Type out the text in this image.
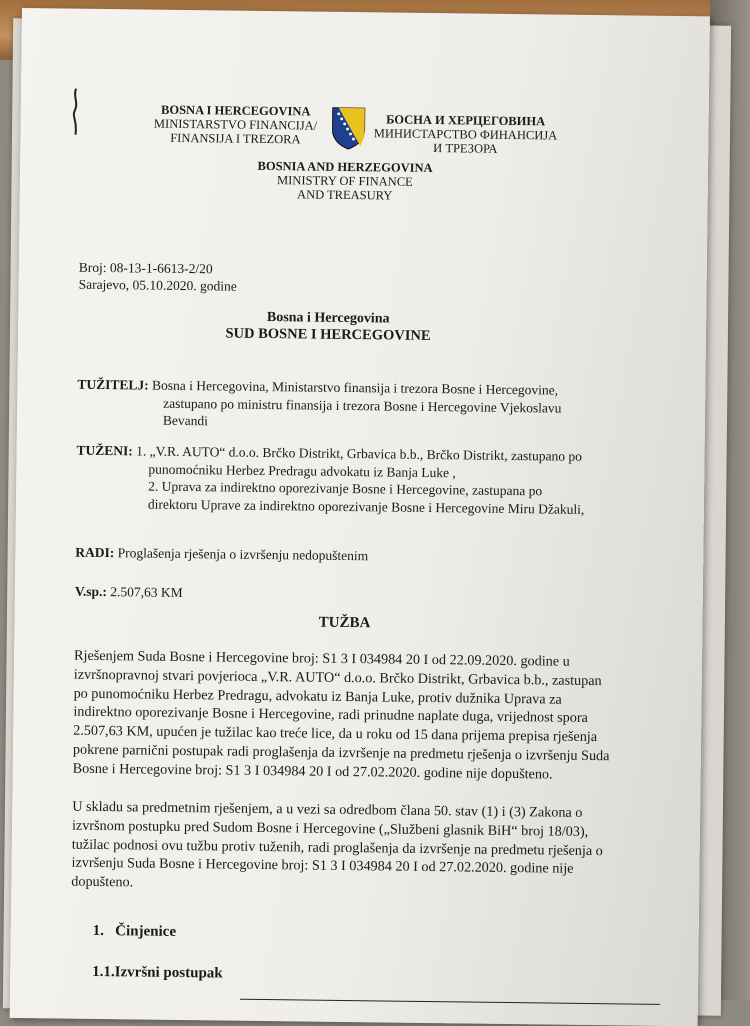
BOSNA I HERCEGOVINA
MINISTARSTVO FINANCIJA/
FINANSIJA I TREZORA
БОСНА И ХЕРЦЕГОВИНА
МИНИСТАРСТВО ФИНАНСИЈА
И ТРЕЗОРА
BOSNIA AND HERZEGOVINA
MINISTRY OF FINANCE
AND TREASURY
Broj: 08-13-1-6613-2/20
Sarajevo, 05.10.2020. godine
Bosna i Hercegovina
SUD BOSNE I HERCEGOVINE
TUŽITELJ: Bosna i Hercegovina, Ministarstvo finansija i trezora Bosne i Hercegovine,
zastupano po ministru finansija i trezora Bosne i Hercegovine Vjekoslavu
Bevandi
TUŽENI: 1. „V.R. AUTO“ d.o.o. Brčko Distrikt, Grbavica b.b., Brčko Distrikt, zastupano po
punomoćniku Herbez Predragu advokatu iz Banja Luke ,
2. Uprava za indirektno oporezivanje Bosne i Hercegovine, zastupana po
direktoru Uprave za indirektno oporezivanje Bosne i Hercegovine Miru Džakuli,
RADI: Proglašenja rješenja o izvršenju nedopuštenim
V.sp.: 2.507,63 KM
TUŽBA
Rješenjem Suda Bosne i Hercegovine broj: S1 3 I 034984 20 I od 22.09.2020. godine u
izvršnopravnoj stvari povjerioca „V.R. AUTO“ d.o.o. Brčko Distrikt, Grbavica b.b., zastupan
po punomoćniku Herbez Predragu, advokatu iz Banja Luke, protiv dužnika Uprava za
indirektno oporezivanje Bosne i Hercegovine, radi prinudne naplate duga, vrijednost spora
2.507,63 KM, upućen je tužilac kao treće lice, da u roku od 15 dana prijema prepisa rješenja
pokrene parnični postupak radi proglašenja da izvršenje na predmetu rješenja o izvršenju Suda
Bosne i Hercegovine broj: S1 3 I 034984 20 I od 27.02.2020. godine nije dopušteno.
U skladu sa predmetnim rješenjem, a u vezi sa odredbom člana 50. stav (1) i (3) Zakona o
izvršnom postupku pred Sudom Bosne i Hercegovine („Službeni glasnik BiH“ broj 18/03),
tužilac podnosi ovu tužbu protiv tuženih, radi proglašenja da izvršenje na predmetu rješenja o
izvršenju Suda Bosne i Hercegovine broj: S1 3 I 034984 20 I od 27.02.2020. godine nije
dopušteno.
1.   Činjenice
1.1.Izvršni postupak
